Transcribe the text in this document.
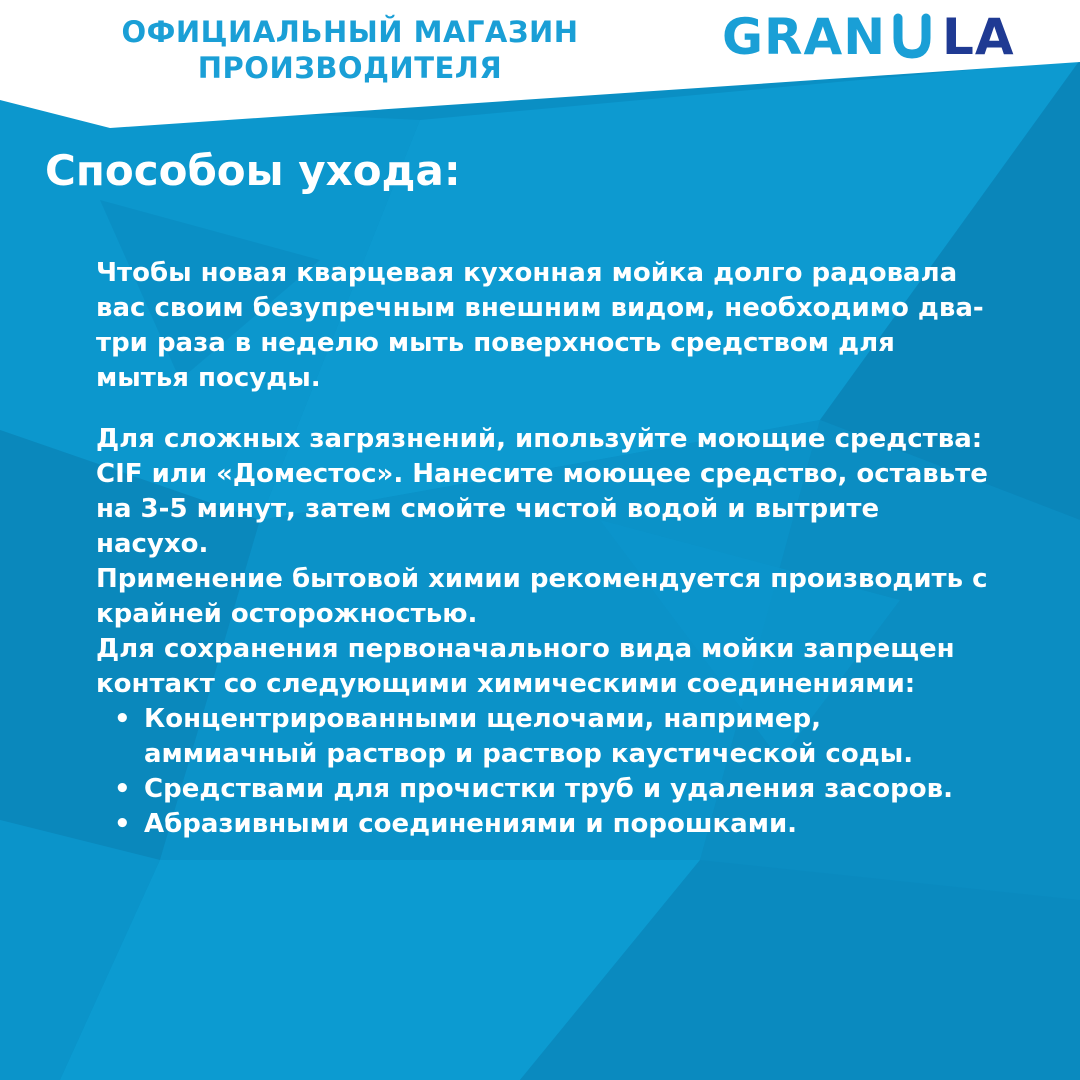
ОФИЦИАЛЬНЫЙ МАГАЗИН
ПРОИЗВОДИТЕЛЯ
GRAN LA
Способоы ухода:

Чтобы новая кварцевая кухонная мойка долго радовала вас своим безупречным внешним видом, необходимо два-три раза в неделю мыть поверхность средством для мытья посуды.

Для сложных загрязнений, ипользуйте моющие средства: CIF или «Доместос». Нанесите моющее средство, оставьте на 3-5 минут, затем смойте чистой водой и вытрите насухо.

Применение бытовой химии рекомендуется производить с крайней осторожностью.

Для сохранения первоначального вида мойки запрещен контакт со следующими химическими соединениями:

• Концентрированными щелочами, например, аммиачный раствор и раствор каустической соды.
• Средствами для прочистки труб и удаления засоров.
• Абразивными соединениями и порошками.
